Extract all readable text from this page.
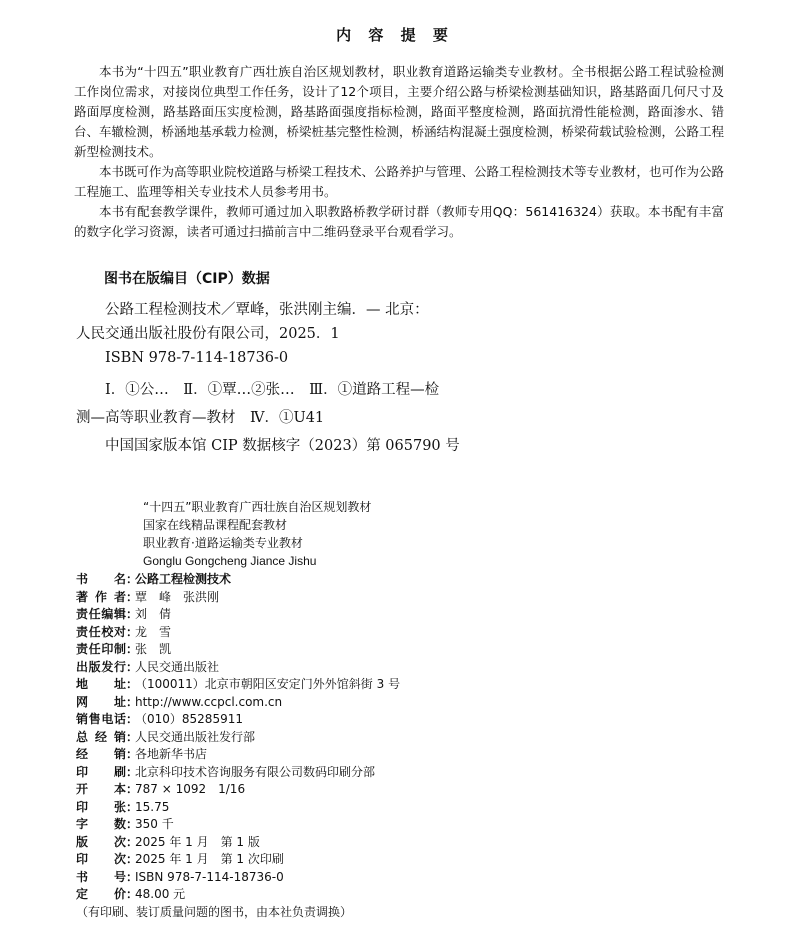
内 容 提 要

本书为“十四五”职业教育广西壮族自治区规划教材，职业教育道路运输类专业教材。全书根据公路工程试验检测工作岗位需求，对接岗位典型工作任务，设计了12个项目，主要介绍公路与桥梁检测基础知识，路基路面几何尺寸及路面厚度检测，路基路面压实度检测，路基路面强度指标检测，路面平整度检测，路面抗滑性能检测，路面渗水、错台、车辙检测，桥涵地基承载力检测，桥梁桩基完整性检测，桥涵结构混凝土强度检测，桥梁荷载试验检测，公路工程新型检测技术。

本书既可作为高等职业院校道路与桥梁工程技术、公路养护与管理、公路工程检测技术等专业教材，也可作为公路工程施工、监理等相关专业技术人员参考用书。

本书有配套教学课件，教师可通过加入职教路桥教学研讨群（教师专用QQ：561416324）获取。本书配有丰富的数字化学习资源，读者可通过扫描前言中二维码登录平台观看学习。

图书在版编目（CIP）数据
公路工程检测技术／覃峰，张洪刚主编．— 北京：
人民交通出版社股份有限公司，2025．1
ISBN 978-7-114-18736-0
Ⅰ．①公…　Ⅱ．①覃…②张…　Ⅲ．①道路工程—检
测—高等职业教育—教材　Ⅳ．①U41
中国国家版本馆 CIP 数据核字（2023）第 065790 号
“十四五”职业教育广西壮族自治区规划教材
国家在线精品课程配套教材
职业教育·道路运输类专业教材
Gonglu Gongcheng Jiance Jishu
书 名 ：
公路工程检测技术
著 作 者 ：
覃　峰　张洪刚
责 任 编 辑 ：
刘　倩
责 任 校 对 ：
龙　雪
责 任 印 制 ：
张　凯
出 版 发 行 ：
人民交通出版社
地 址 ：
（100011）北京市朝阳区安定门外外馆斜街 3 号
网 址 ：
http://www.ccpcl.com.cn
销 售 电 话 ：
（010）85285911
总 经 销 ：
人民交通出版社发行部
经 销 ：
各地新华书店
印 刷 ：
北京科印技术咨询服务有限公司数码印刷分部
开 本 ：
787 × 1092　1/16
印 张 ：
15.75
字 数 ：
350 千
版 次 ：
2025 年 1 月　第 1 版
印 次 ：
2025 年 1 月　第 1 次印刷
书 号 ：
ISBN 978-7-114-18736-0
定 价 ：
48.00 元
（有印刷、装订质量问题的图书，由本社负责调换）
